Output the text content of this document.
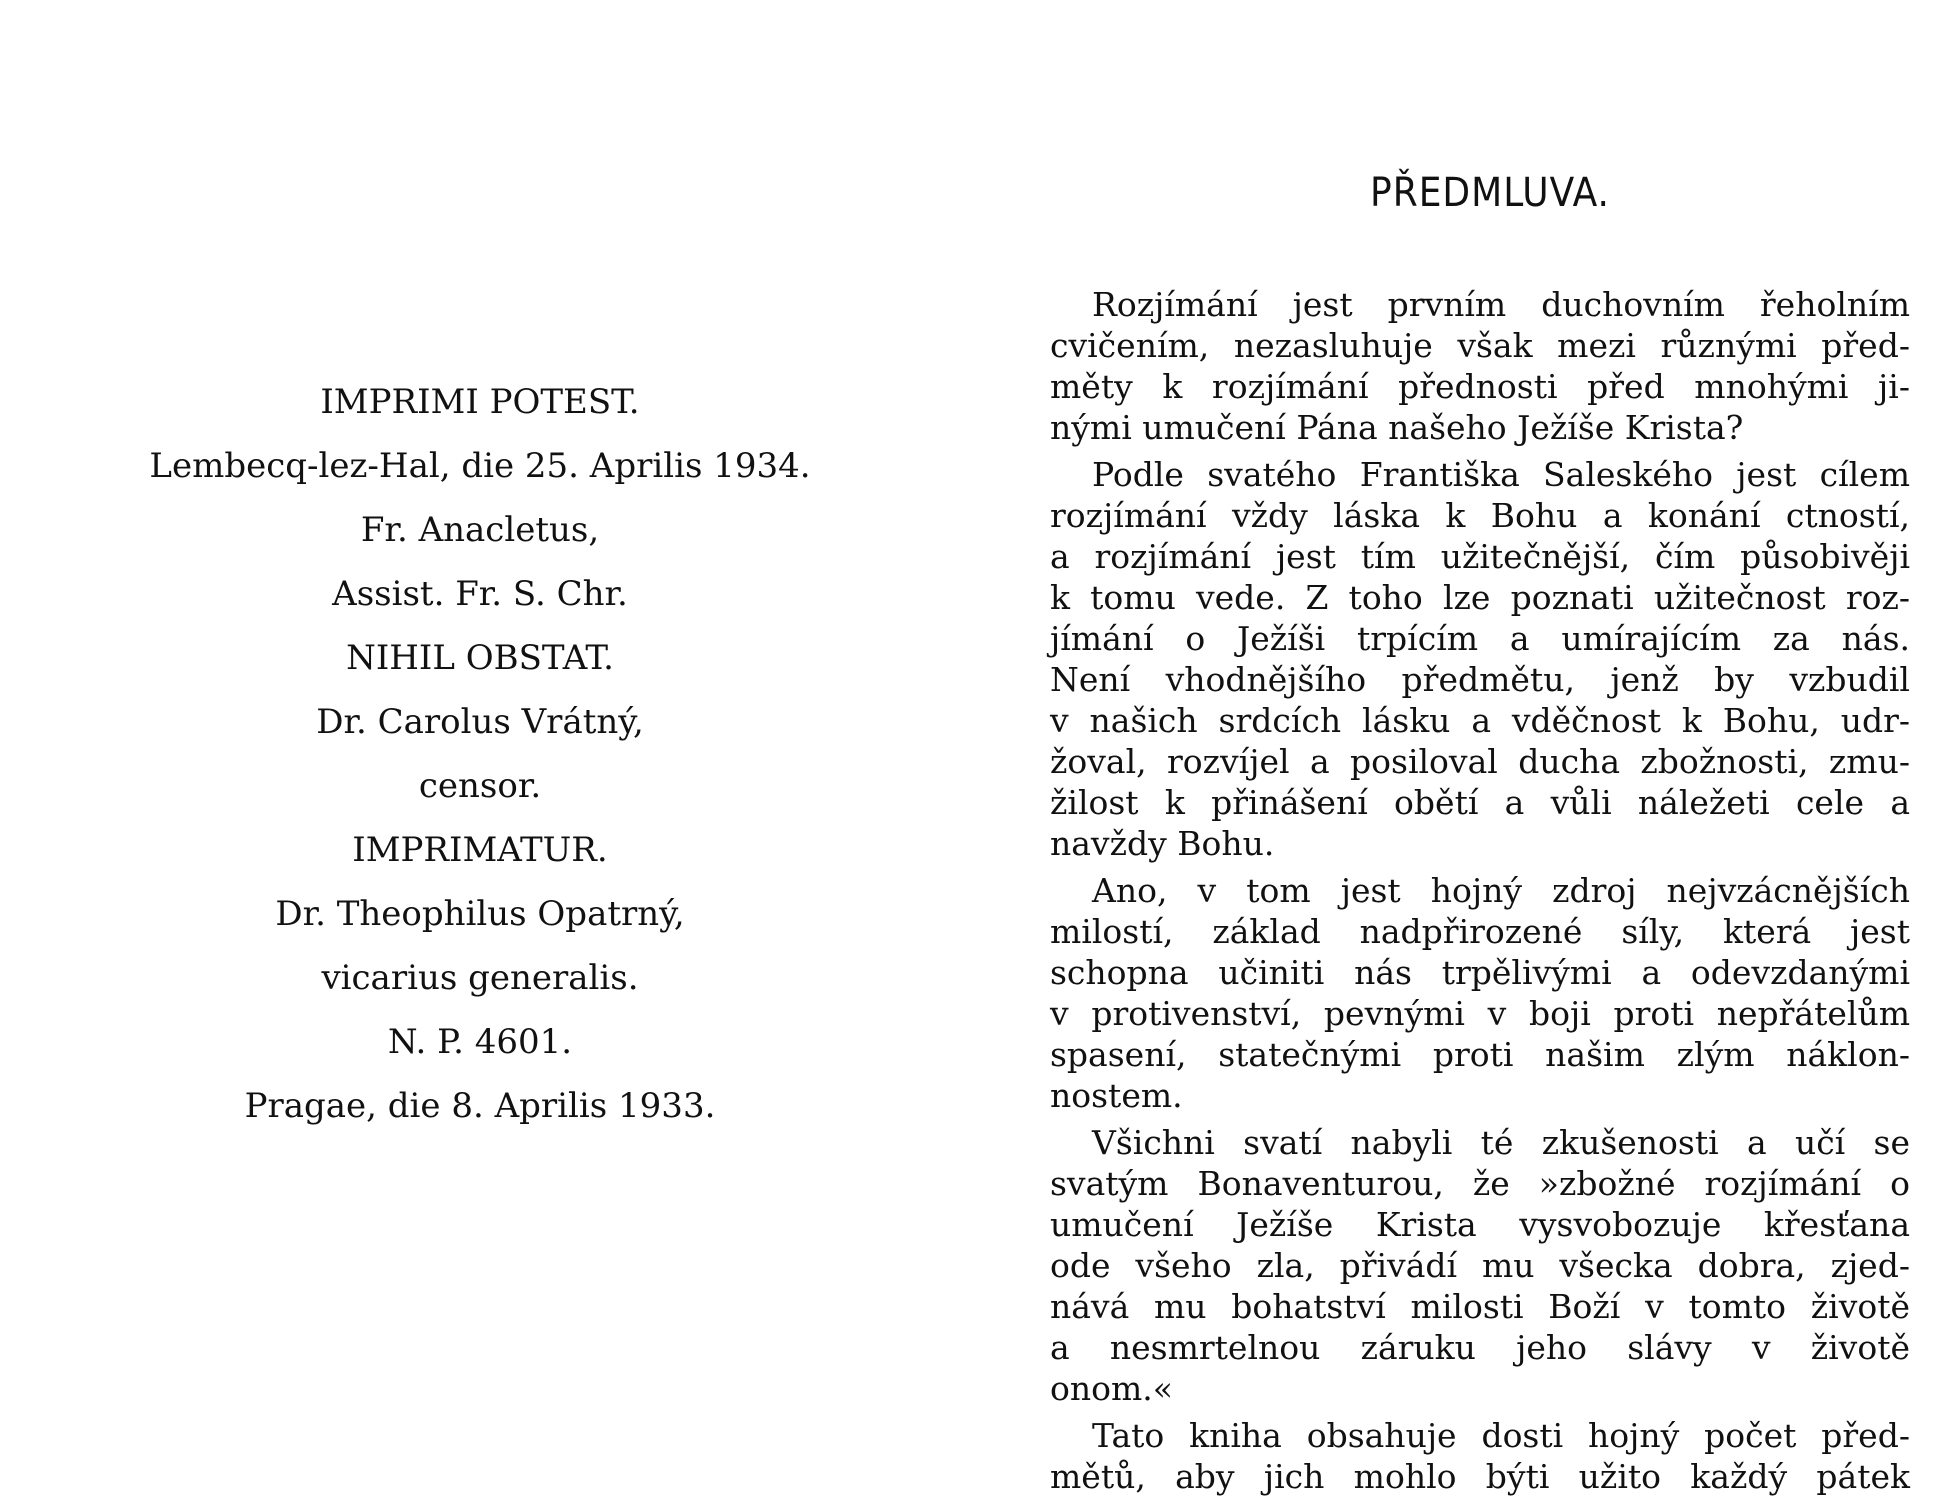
IMPRIMI POTEST.
Lembecq-lez-Hal, die 25. Aprilis 1934.
Fr. Anacletus,
Assist. Fr. S. Chr.
NIHIL OBSTAT.
Dr. Carolus Vrátný,
censor.
IMPRIMATUR.
Dr. Theophilus Opatrný,
vicarius generalis.
N. P. 4601.
Pragae, die 8. Aprilis 1933.
PŘEDMLUVA.
Rozjímání jest prvním duchovním řeholním
cvičením, nezasluhuje však mezi různými před-
měty k rozjímání přednosti před mnohými ji-
nými umučení Pána našeho Ježíše Krista?
Podle svatého Františka Saleského jest cílem
rozjímání vždy láska k Bohu a konání ctností,
a rozjímání jest tím užitečnější, čím působivěji
k tomu vede. Z toho lze poznati užitečnost roz-
jímání o Ježíši trpícím a umírajícím za nás.
Není vhodnějšího předmětu, jenž by vzbudil
v našich srdcích lásku a vděčnost k Bohu, udr-
žoval, rozvíjel a posiloval ducha zbožnosti, zmu-
žilost k přinášení obětí a vůli náležeti cele a
navždy Bohu.
Ano, v tom jest hojný zdroj nejvzácnějších
milostí, základ nadpřirozené síly, která jest
schopna učiniti nás trpělivými a odevzdanými
v protivenství, pevnými v boji proti nepřátelům
spasení, statečnými proti našim zlým náklon-
nostem.
Všichni svatí nabyli té zkušenosti a učí se
svatým Bonaventurou, že »zbožné rozjímání o
umučení Ježíše Krista vysvobozuje křesťana
ode všeho zla, přivádí mu všecka dobra, zjed-
nává mu bohatství milosti Boží v tomto životě
a nesmrtelnou záruku jeho slávy v životě
onom.«
Tato kniha obsahuje dosti hojný počet před-
mětů, aby jich mohlo býti užito každý pátek
